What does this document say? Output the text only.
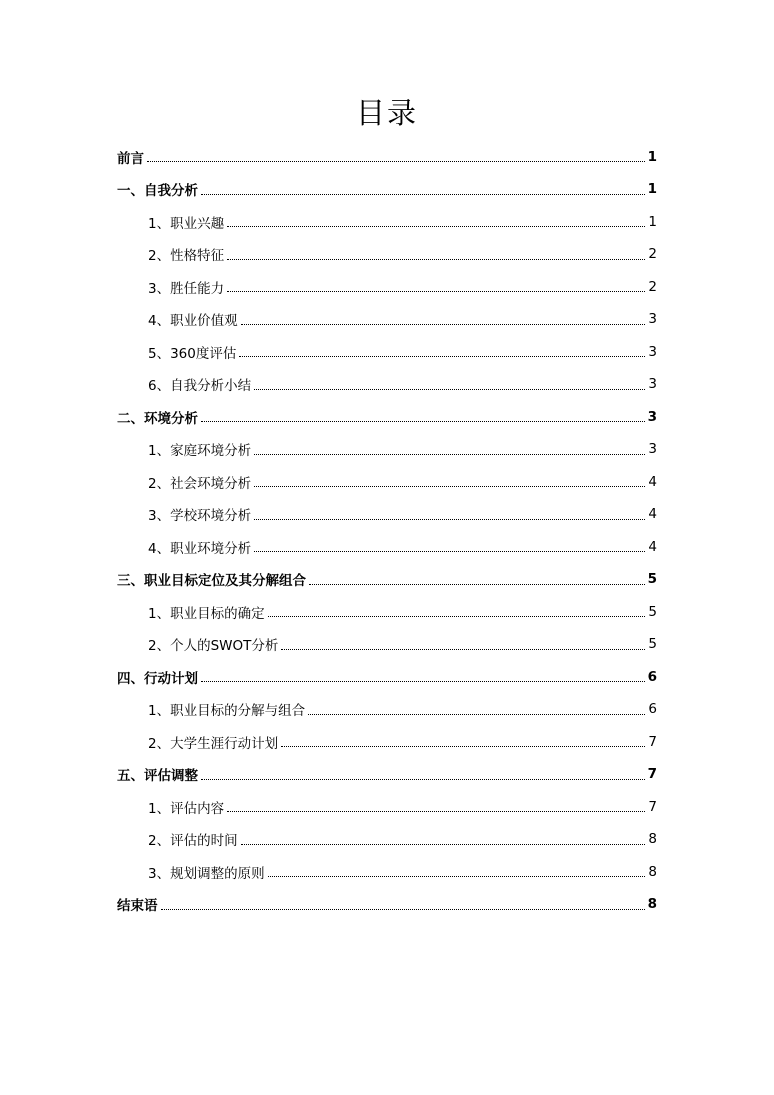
目录
前言	1
一、自我分析	1
1、职业兴趣	1
2、性格特征	2
3、胜任能力	2
4、职业价值观	3
5、360度评估	3
6、自我分析小结	3
二、环境分析	3
1、家庭环境分析	3
2、社会环境分析	4
3、学校环境分析	4
4、职业环境分析	4
三、职业目标定位及其分解组合	5
1、职业目标的确定	5
2、个人的SWOT分析	5
四、行动计划	6
1、职业目标的分解与组合	6
2、大学生涯行动计划	7
五、评估调整	7
1、评估内容	7
2、评估的时间	8
3、规划调整的原则	8
结束语	8
